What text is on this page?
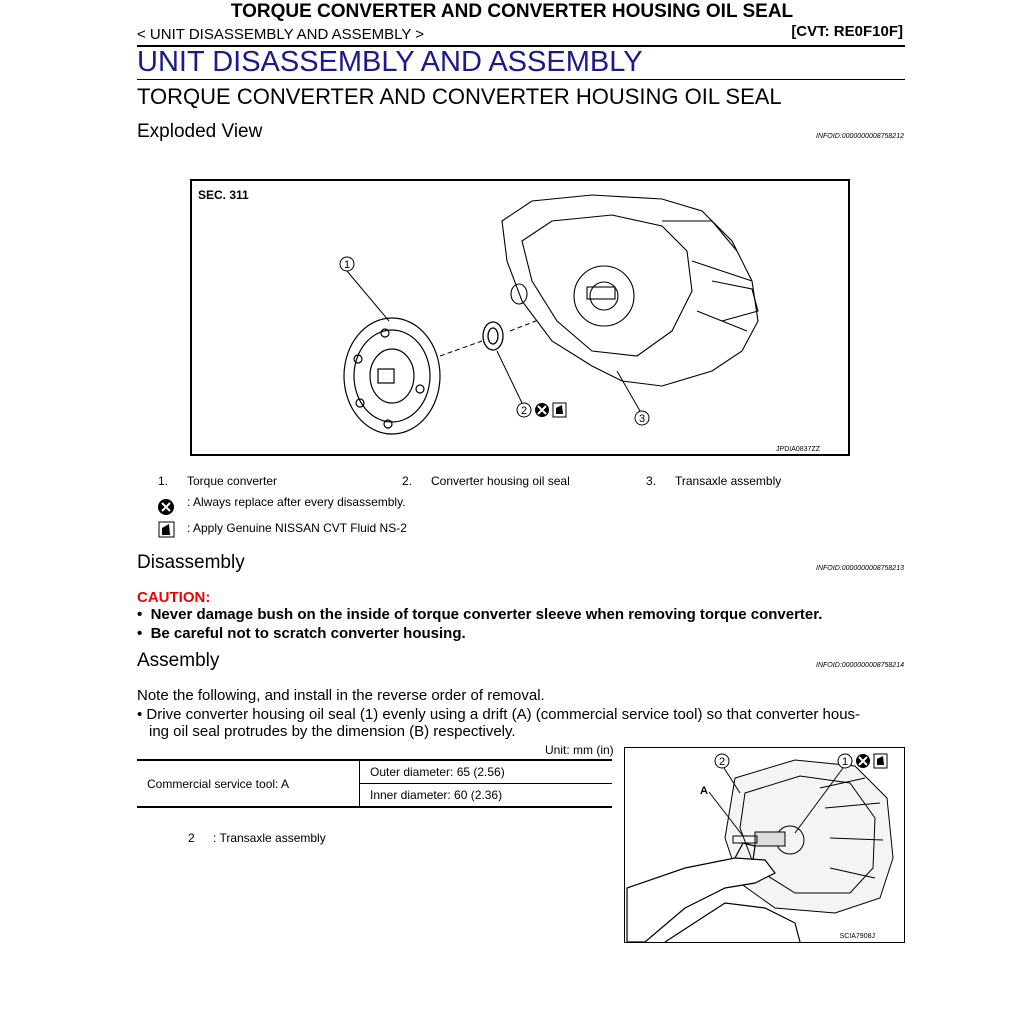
TORQUE CONVERTER AND CONVERTER HOUSING OIL SEAL
< UNIT DISASSEMBLY AND ASSEMBLY >	[CVT: RE0F10F]
UNIT DISASSEMBLY AND ASSEMBLY
TORQUE CONVERTER AND CONVERTER HOUSING OIL SEAL
Exploded View	INFOID:0000000008758212
SEC. 311
1
2
3
JPDIA0837ZZ
1. Torque converter	2. Converter housing oil seal	3. Transaxle assembly
: Always replace after every disassembly.
: Apply Genuine NISSAN CVT Fluid NS-2
Disassembly	INFOID:0000000008758213
CAUTION:
•  Never damage bush on the inside of torque converter sleeve when removing torque converter.
•  Be careful not to scratch converter housing.
Assembly	INFOID:0000000008758214
Note the following, and install in the reverse order of removal.
• Drive converter housing oil seal (1) evenly using a drift (A) (commercial service tool) so that converter hous-
ing oil seal protrudes by the dimension (B) respectively.
Unit: mm (in)
Commercial service tool: A	Outer diameter: 65 (2.56)
Inner diameter: 60 (2.36)
2 : Transaxle assembly
2	1
A
SCIA7908J
